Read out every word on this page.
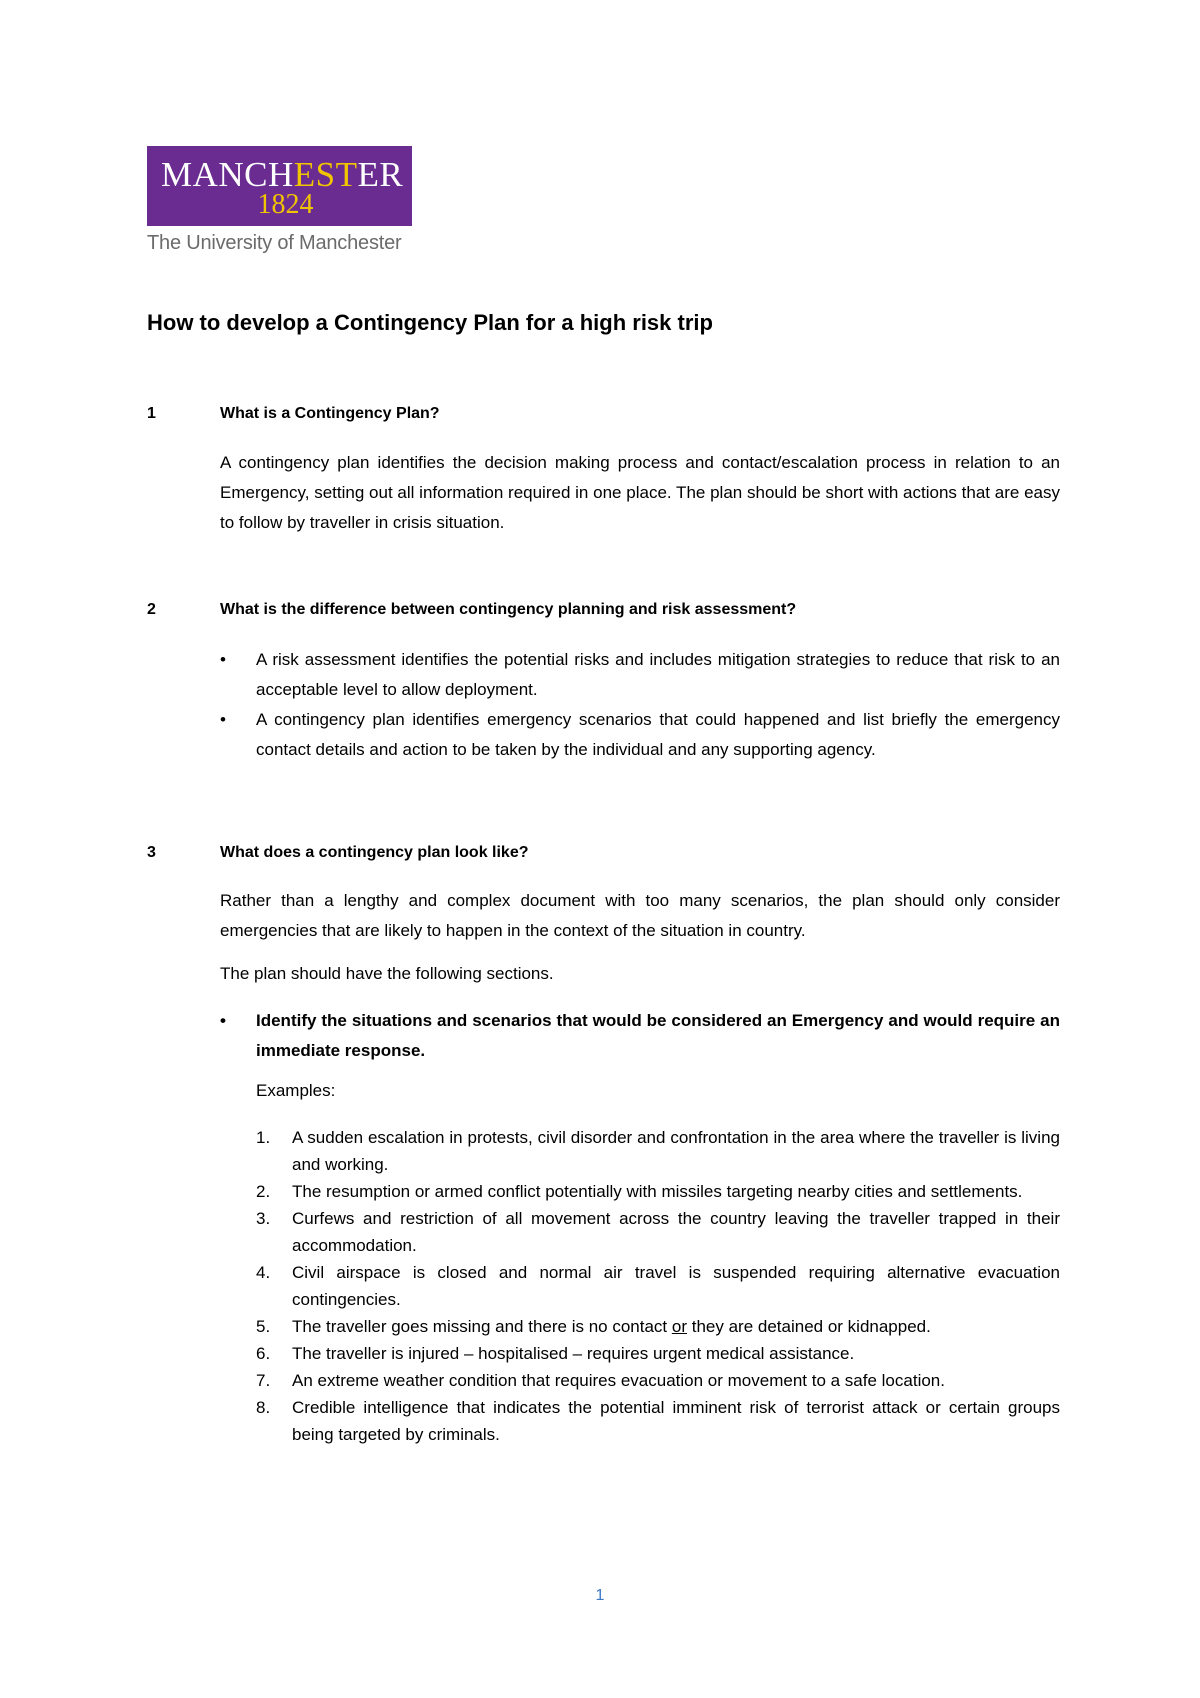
MANCHESTER
1824
The University of Manchester
How to develop a Contingency Plan for a high risk trip
1	What is a Contingency Plan?
A contingency plan identifies the decision making process and contact/escalation process in relation to an Emergency, setting out all information required in one place. The plan should be short with actions that are easy to follow by traveller in crisis situation.
2	What is the difference between contingency planning and risk assessment?
•	A risk assessment identifies the potential risks and includes mitigation strategies to reduce that risk to an acceptable level to allow deployment.
•	A contingency plan identifies emergency scenarios that could happened and list briefly the emergency contact details and action to be taken by the individual and any supporting agency.
3	What does a contingency plan look like?
Rather than a lengthy and complex document with too many scenarios, the plan should only consider emergencies that are likely to happen in the context of the situation in country.
The plan should have the following sections.
•	Identify the situations and scenarios that would be considered an Emergency and would require an immediate response.
Examples:
1.	A sudden escalation in protests, civil disorder and confrontation in the area where the traveller is living and working.
2.	The resumption or armed conflict potentially with missiles targeting nearby cities and settlements.
3.	Curfews and restriction of all movement across the country leaving the traveller trapped in their accommodation.
4.	Civil airspace is closed and normal air travel is suspended requiring alternative evacuation contingencies.
5.	The traveller goes missing and there is no contact or they are detained or kidnapped.
6.	The traveller is injured – hospitalised – requires urgent medical assistance.
7.	An extreme weather condition that requires evacuation or movement to a safe location.
8.	Credible intelligence that indicates the potential imminent risk of terrorist attack or certain groups being targeted by criminals.
1
